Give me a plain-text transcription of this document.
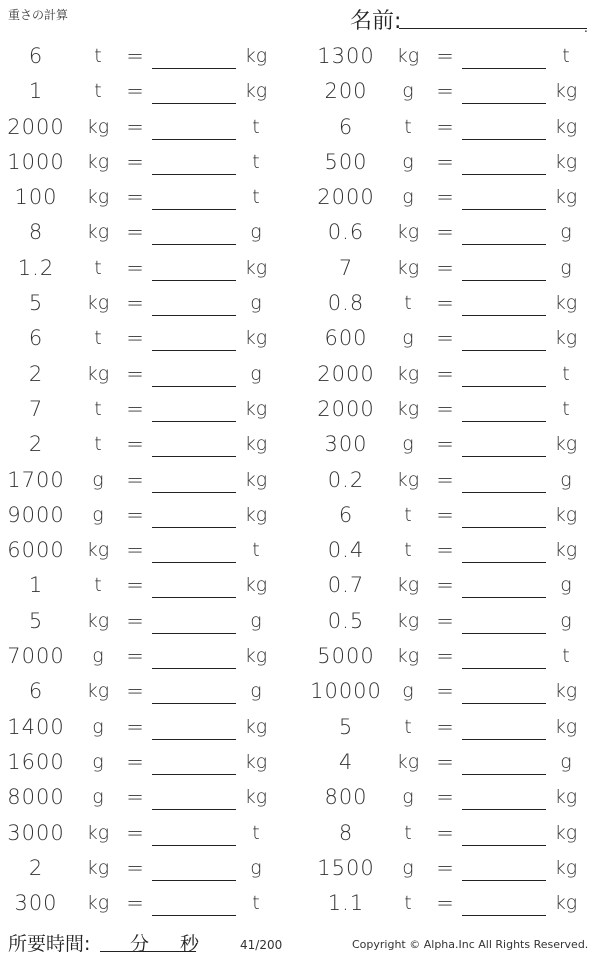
重さの計算	名前:	.
6	t	=	kg
1	t	=	kg
2000	kg =	t
1000	kg =	t
100	kg =	t
8	kg =	g
1.2	t	=	kg
5	kg =	g
6	t	=	kg
2	kg =	g
7	t	=	kg
2	t	=	kg
1700	g	=	kg
9000	g	=	kg
6000	kg =	t
1	t	=	kg
5	kg =	g
7000	g	=	kg
6	kg =	g
1400	g	=	kg
1600	g	=	kg
8000	g	=	kg
3000	kg =	t
2	kg =	g
300	kg =	t
1300	kg =	t
200	g	=	kg
6	t	=	kg
500	g	=	kg
2000	g	=	kg
0.6	kg =	g
7	kg =	g
0.8	t	=	kg
600	g	=	kg
2000	kg =	t
2000	kg =	t
300	g	=	kg
0.2	kg =	g
6	t	=	kg
0.4	t	=	kg
0.7	kg =	g
0.5	kg =	g
5000	kg =	t
10000	g	=	kg
5	t	=	kg
4	kg =	g
800	g	=	kg
8	t	=	kg
1500	g	=	kg
1.1	t	=	kg
所要時間: 分 秒	41/200	Copyright © Alpha.Inc All Rights Reserved.
